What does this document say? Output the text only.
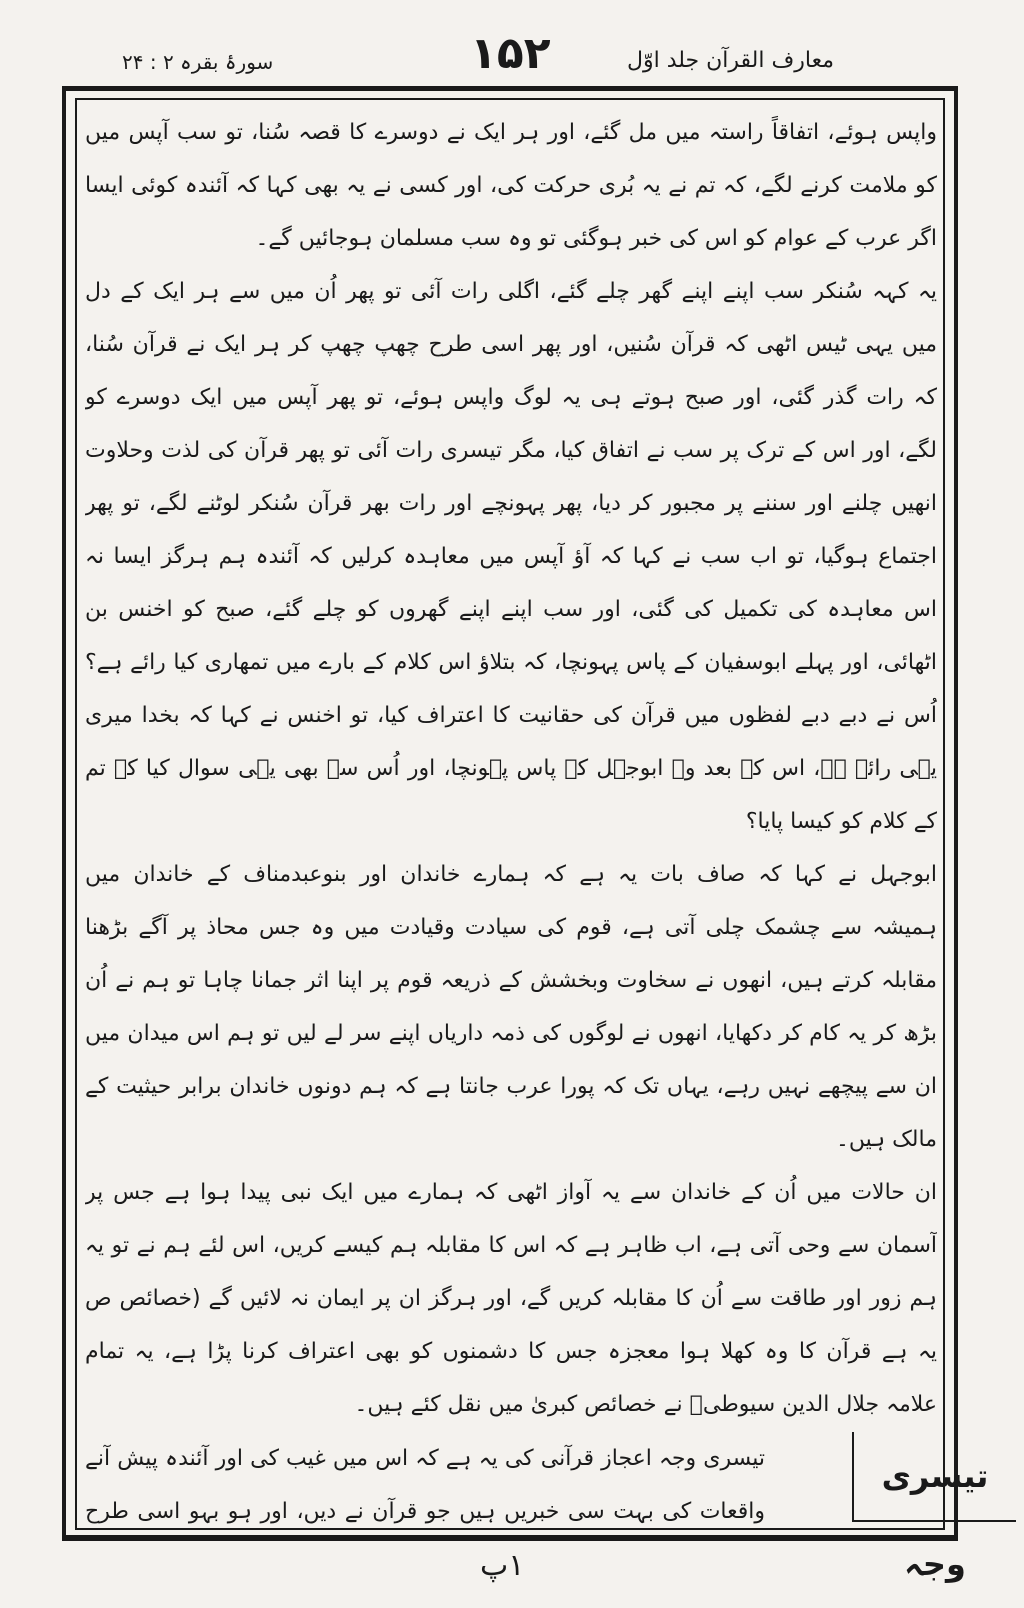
معارف القرآن جلد اوّل
۱۵۲
سورۂ بقرہ ۲ : ۲۴
واپس ہوئے، اتفاقاً راستہ میں مل گئے، اور ہر ایک نے دوسرے کا قصہ سُنا، تو سب آپس میں
کو ملامت کرنے لگے، کہ تم نے یہ بُری حرکت کی، اور کسی نے یہ بھی کہا کہ آئندہ کوئی ایسا
اگر عرب کے عوام کو اس کی خبر ہوگئی تو وہ سب مسلمان ہوجائیں گے۔
یہ کہہ سُنکر سب اپنے اپنے گھر چلے گئے، اگلی رات آئی تو پھر اُن میں سے ہر ایک کے دل
میں یہی ٹیس اٹھی کہ قرآن سُنیں، اور پھر اسی طرح چھپ چھپ کر ہر ایک نے قرآن سُنا،
کہ رات گذر گئی، اور صبح ہوتے ہی یہ لوگ واپس ہوئے، تو پھر آپس میں ایک دوسرے کو
لگے، اور اس کے ترک پر سب نے اتفاق کیا، مگر تیسری رات آئی تو پھر قرآن کی لذت وحلاوت
انھیں چلنے اور سننے پر مجبور کر دیا، پھر پہونچے اور رات بھر قرآن سُنکر لوٹنے لگے، تو پھر
اجتماع ہوگیا، تو اب سب نے کہا کہ آؤ آپس میں معاہدہ کرلیں کہ آئندہ ہم ہرگز ایسا نہ
اس معاہدہ کی تکمیل کی گئی، اور سب اپنے اپنے گھروں کو چلے گئے، صبح کو اخنس بن
اٹھائی، اور پہلے ابوسفیان کے پاس پہونچا، کہ بتلاؤ اس کلام کے بارے میں تمھاری کیا رائے ہے؟
اُس نے دبے دبے لفظوں میں قرآن کی حقانیت کا اعتراف کیا، تو اخنس نے کہا کہ بخدا میری
یہی رائے ہے، اس کے بعد وہ ابوجہل کے پاس پہونچا، اور اُس سے بھی یہی سوال کیا کہ تم
کے کلام کو کیسا پایا؟
ابوجہل نے کہا کہ صاف بات یہ ہے کہ ہمارے خاندان اور بنوعبدمناف کے خاندان میں
ہمیشہ سے چشمک چلی آتی ہے، قوم کی سیادت وقیادت میں وہ جس محاذ پر آگے بڑھنا
مقابلہ کرتے ہیں، انھوں نے سخاوت وبخشش کے ذریعہ قوم پر اپنا اثر جمانا چاہا تو ہم نے اُن
بڑھ کر یہ کام کر دکھایا، انھوں نے لوگوں کی ذمہ داریاں اپنے سر لے لیں تو ہم اس میدان میں
ان سے پیچھے نہیں رہے، یہاں تک کہ پورا عرب جانتا ہے کہ ہم دونوں خاندان برابر حیثیت کے
مالک ہیں۔
ان حالات میں اُن کے خاندان سے یہ آواز اٹھی کہ ہمارے میں ایک نبی پیدا ہوا ہے جس پر
آسمان سے وحی آتی ہے، اب ظاہر ہے کہ اس کا مقابلہ ہم کیسے کریں، اس لئے ہم نے تو یہ
ہم زور اور طاقت سے اُن کا مقابلہ کریں گے، اور ہرگز ان پر ایمان نہ لائیں گے (خصائص ص
یہ ہے قرآن کا وہ کھلا ہوا معجزہ جس کا دشمنوں کو بھی اعتراف کرنا پڑا ہے، یہ تمام
علامہ جلال الدین سیوطیؒ نے خصائص کبریٰ میں نقل کئے ہیں۔
تیسری وجہ
تیسری وجہ اعجاز قرآنی کی یہ ہے کہ اس میں غیب کی اور آئندہ پیش آنے
واقعات کی بہت سی خبریں ہیں جو قرآن نے دیں، اور ہو بہو اسی طرح
۱پ
